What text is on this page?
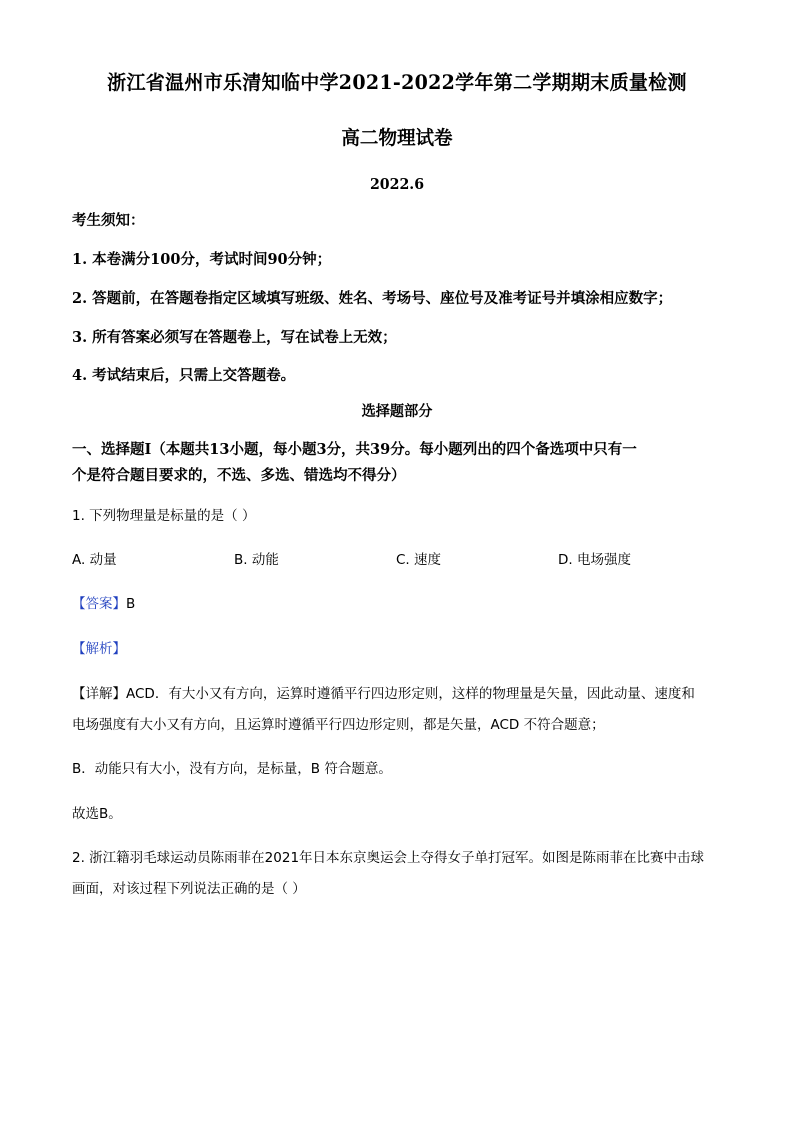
浙江省温州市乐清知临中学2021-2022学年第二学期期末质量检测
高二物理试卷
2022.6
考生须知：
1. 本卷满分100分，考试时间90分钟；
2. 答题前，在答题卷指定区域填写班级、姓名、考场号、座位号及准考证号并填涂相应数字；
3. 所有答案必须写在答题卷上，写在试卷上无效；
4. 考试结束后，只需上交答题卷。
选择题部分
一、选择题Ⅰ（本题共13小题，每小题3分，共39分。每小题列出的四个备选项中只有一
个是符合题目要求的，不选、多选、错选均不得分）
1. 下列物理量是标量的是（ ）
A. 动量	B. 动能	C. 速度	D. 电场强度
【答案】B
【解析】
【详解】ACD．有大小又有方向，运算时遵循平行四边形定则，这样的物理量是矢量，因此动量、速度和
电场强度有大小又有方向，且运算时遵循平行四边形定则，都是矢量，ACD 不符合题意；
B．动能只有大小，没有方向，是标量，B 符合题意。
故选B。
2. 浙江籍羽毛球运动员陈雨菲在2021年日本东京奥运会上夺得女子单打冠军。如图是陈雨菲在比赛中击球
画面，对该过程下列说法正确的是（ ）
